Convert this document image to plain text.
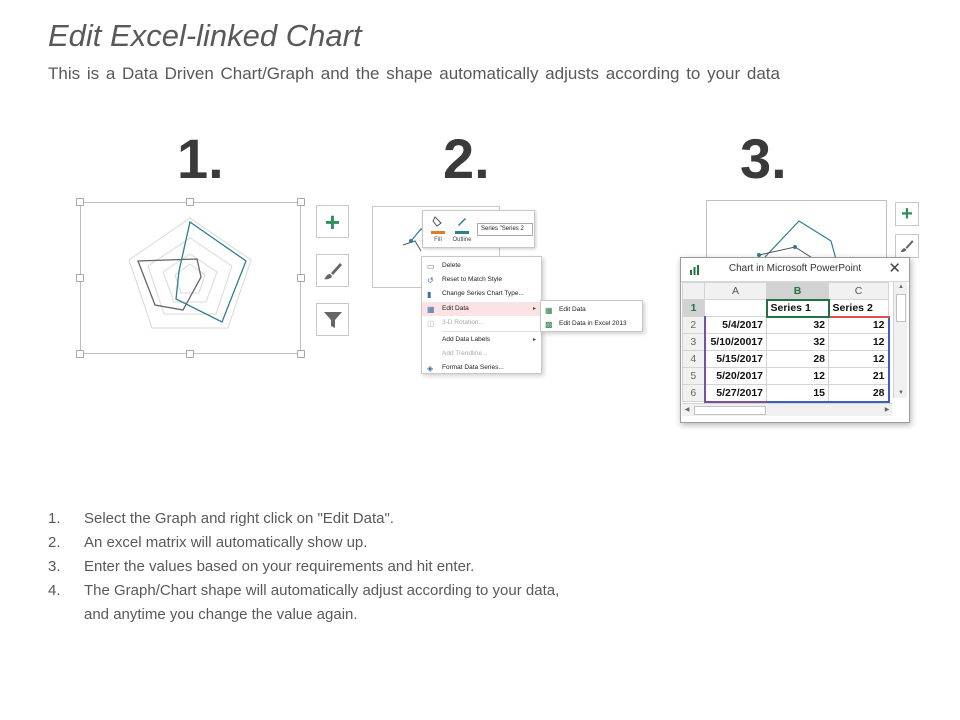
Edit Excel-linked Chart
This is a Data Driven Chart/Graph and the shape automatically adjusts according to your data
1.	2.	3.
+
Fill	Outline
Series "Series 2
▭ Delete
↺	Reset to Match Style
▮	Change Series Chart Type...
▦ Edit Data	▸
◫ 3-D Rotation...
Add Data Labels	▸
Add Trendline...
◈	Format Data Series...
▦ Edit Data
▩ Edit Data in Excel 2013
+
Chart in Microsoft PowerPoint	✕
	A	B	C
1		Series 1	Series 2
2	5/4/2017	32	12
3	5/10/20017	32	12
4	5/15/2017	28	12
5	5/20/2017	12	21
6	5/27/2017	15	28
▲
▼
◀	▶
1. Select the Graph and right click on "Edit Data".
2. An excel matrix will automatically show up.
3. Enter the values based on your requirements and hit enter.
4. The Graph/Chart shape will automatically adjust according to your data,
and anytime you change the value again.
